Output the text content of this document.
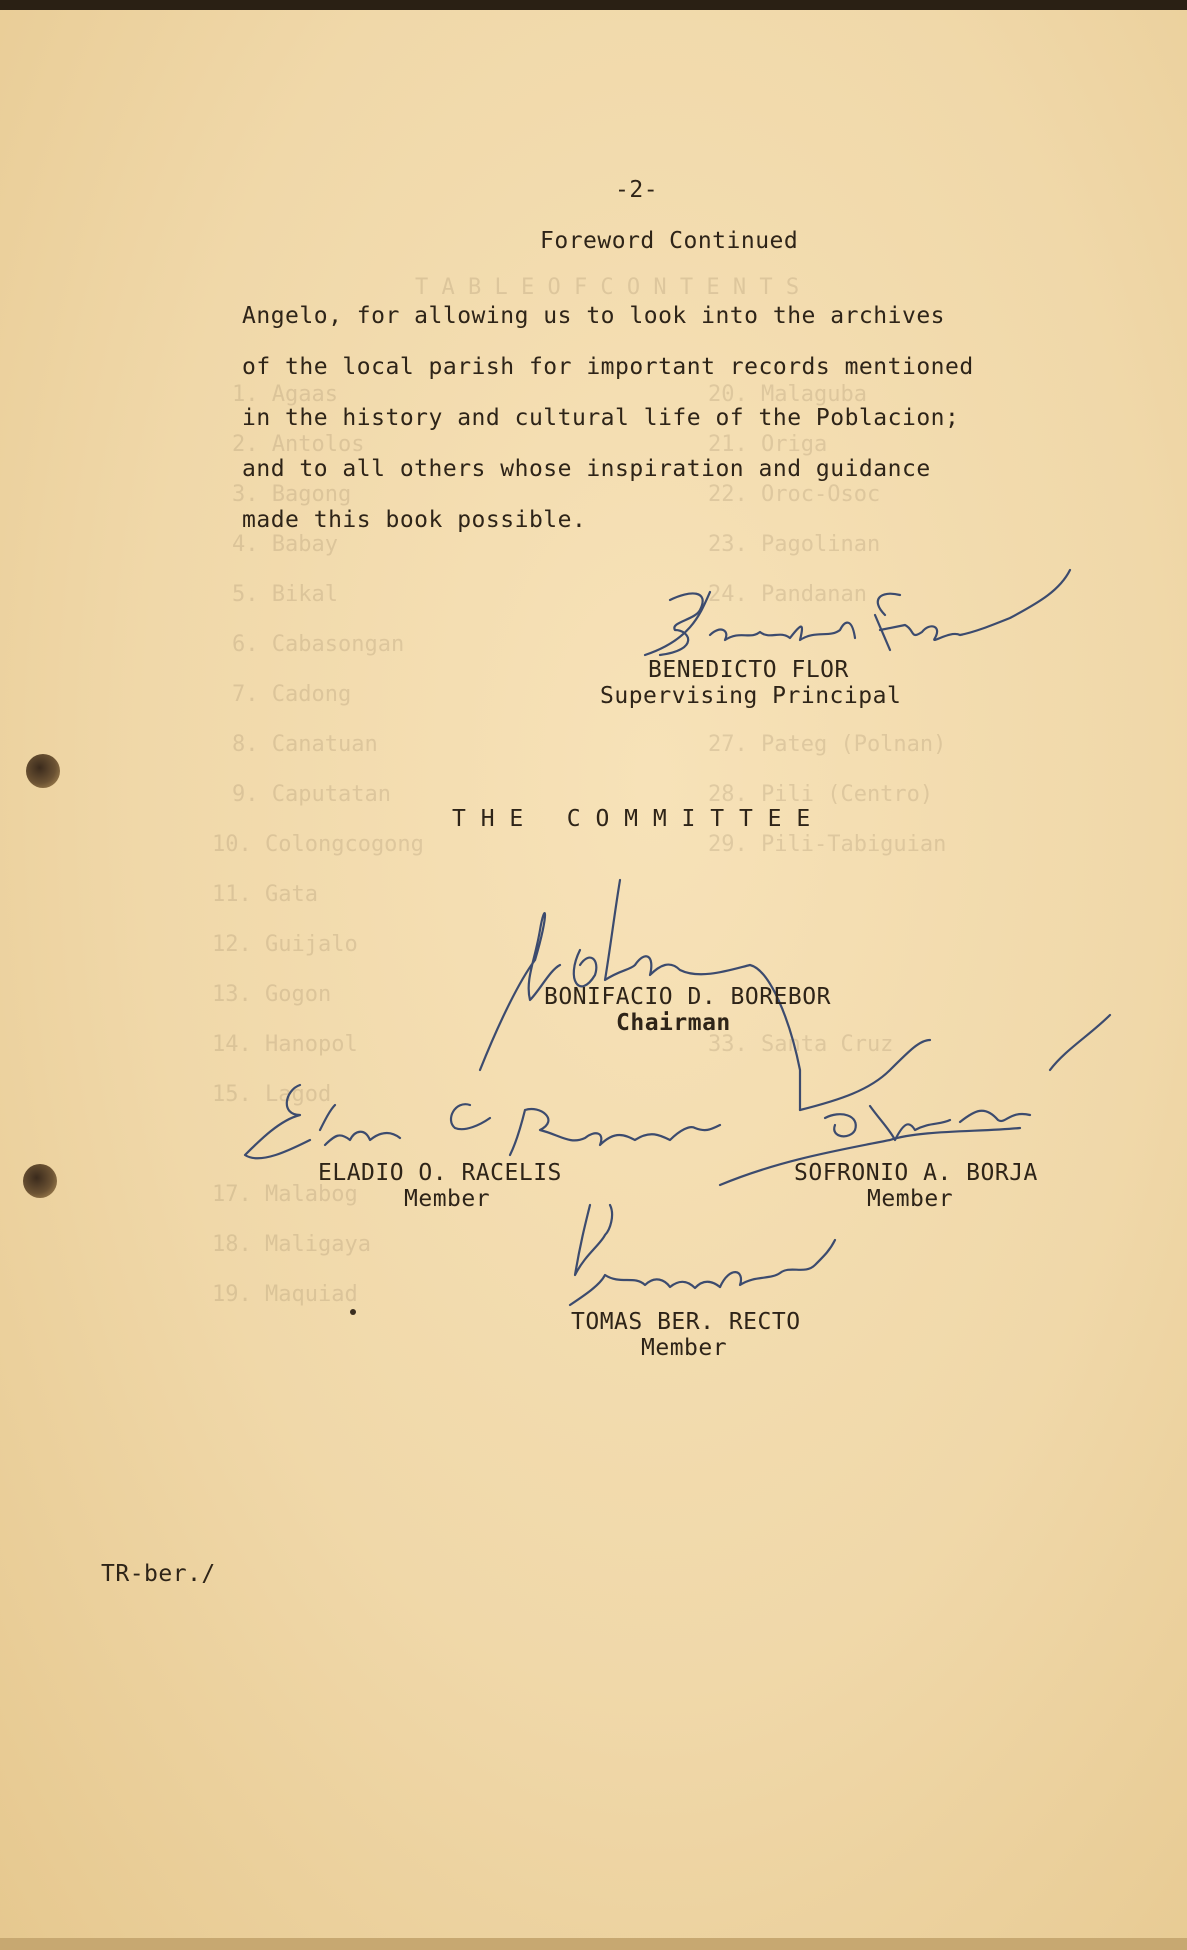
T A B L E O F C O N T E N T S
1. Agaas
2. Antolos
3. Bagong
4. Babay
5. Bikal
6. Cabasongan
7. Cadong
8. Canatuan
9. Caputatan
10. Colongcogong
11. Gata
12. Guijalo
13. Gogon
14. Hanopol
15. Lagod
17. Malabog
18. Maligaya
19. Maquiad
20. Malaguba
21. Origa
22. Oroc-Osoc
23. Pagolinan
24. Pandanan
27. Pateg (Polnan)
28. Pili (Centro)
29. Pili-Tabiguian
33. Santa Cruz
-2-
Foreword Continued
Angelo, for allowing us to look into the archives
of the local parish for important records mentioned
in the history and cultural life of the Poblacion;
and to all others whose inspiration and guidance
made this book possible.
BENEDICTO FLOR
Supervising Principal
T H E   C O M M I T T E E
BONIFACIO D. BOREBOR
Chairman
ELADIO O. RACELIS
Member
SOFRONIO A. BORJA
Member
TOMAS BER. RECTO
Member
TR-ber./
